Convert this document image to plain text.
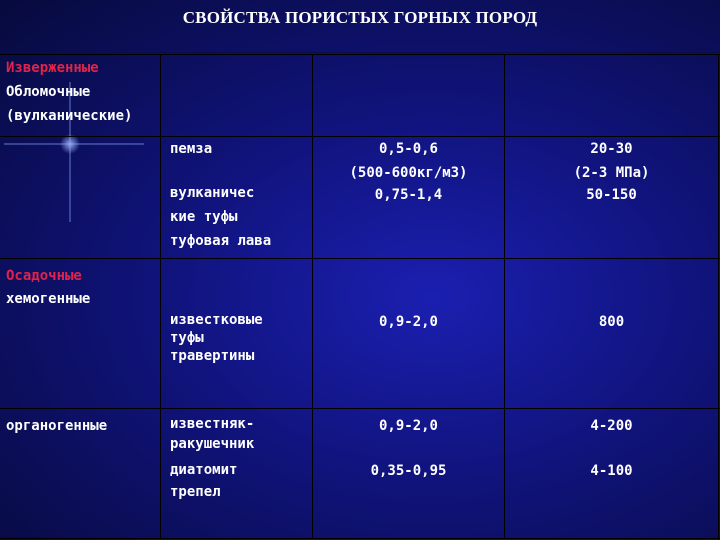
СВОЙСТВА ПОРИСТЫХ ГОРНЫХ ПОРОД
Изверженные
Обломочные
(вулканические)
пемза
вулканичес
кие туфы
туфовая лава
0,5-0,6
(500-600кг/м3)
0,75-1,4
20-30
(2-3 МПа)
50-150
Осадочные
хемогенные
известковые
туфы
травертины
0,9-2,0	800
органогенные	известняк-
ракушечник
диатомит
трепел
0,9-2,0
0,35-0,95
4-200
4-100
